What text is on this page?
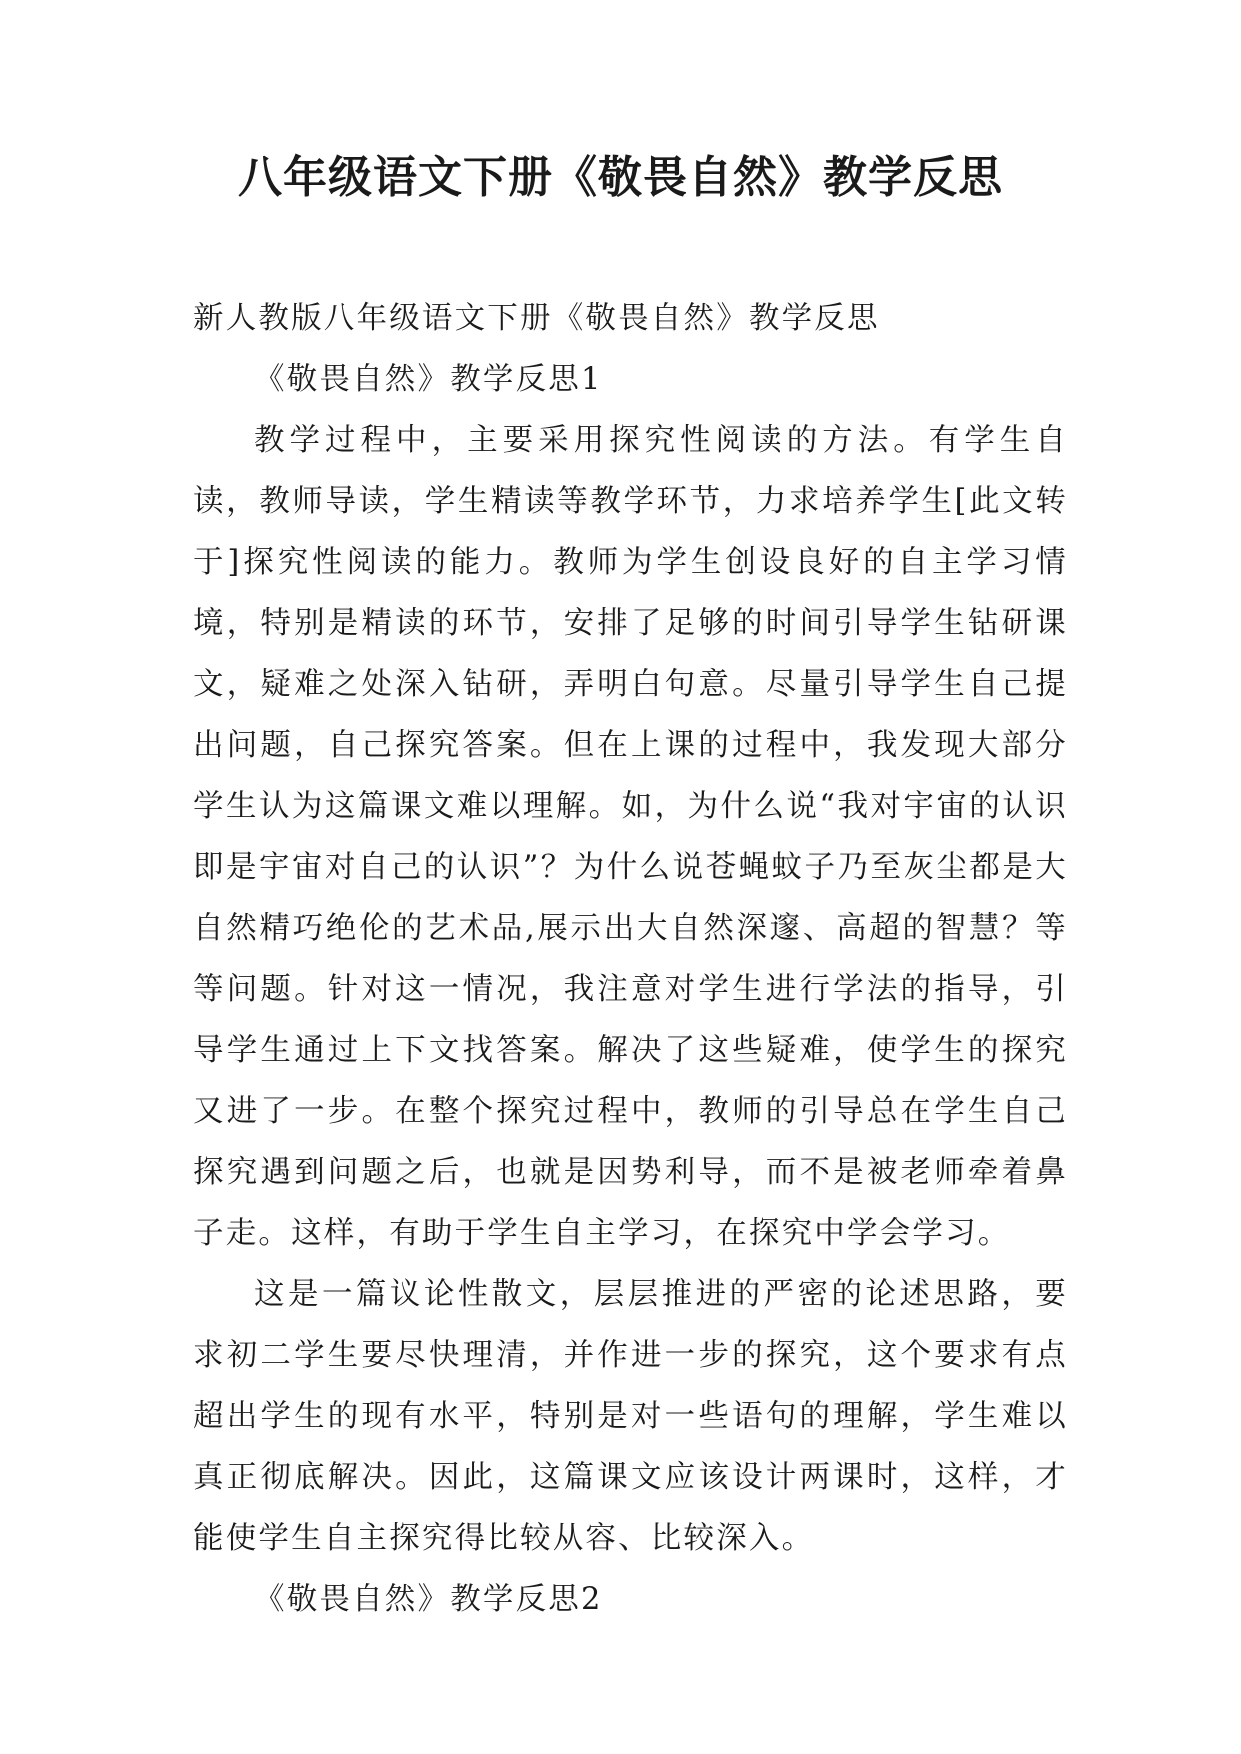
八年级语文下册《敬畏自然》教学反思

新人教版八年级语文下册《敬畏自然》教学反思

《敬畏自然》教学反思1

教学过程中，主要采用探究性阅读的方法。有学生自读，教师导读，学生精读等教学环节，力求培养学生[此文转于]探究性阅读的能力。教师为学生创设良好的自主学习情境，特别是精读的环节，安排了足够的时间引导学生钻研课文，疑难之处深入钻研，弄明白句意。尽量引导学生自己提出问题，自己探究答案。但在上课的过程中，我发现大部分学生认为这篇课文难以理解。如，为什么说“我对宇宙的认识即是宇宙对自己的认识”？为什么说苍蝇蚊子乃至灰尘都是大自然精巧绝伦的艺术品,展示出大自然深邃、高超的智慧？等等问题。针对这一情况，我注意对学生进行学法的指导，引导学生通过上下文找答案。解决了这些疑难，使学生的探究又进了一步。在整个探究过程中，教师的引导总在学生自己探究遇到问题之后，也就是因势利导，而不是被老师牵着鼻子走。这样，有助于学生自主学习，在探究中学会学习。

这是一篇议论性散文，层层推进的严密的论述思路，要求初二学生要尽快理清，并作进一步的探究，这个要求有点超出学生的现有水平，特别是对一些语句的理解，学生难以真正彻底解决。因此，这篇课文应该设计两课时，这样，才能使学生自主探究得比较从容、比较深入。

《敬畏自然》教学反思2
